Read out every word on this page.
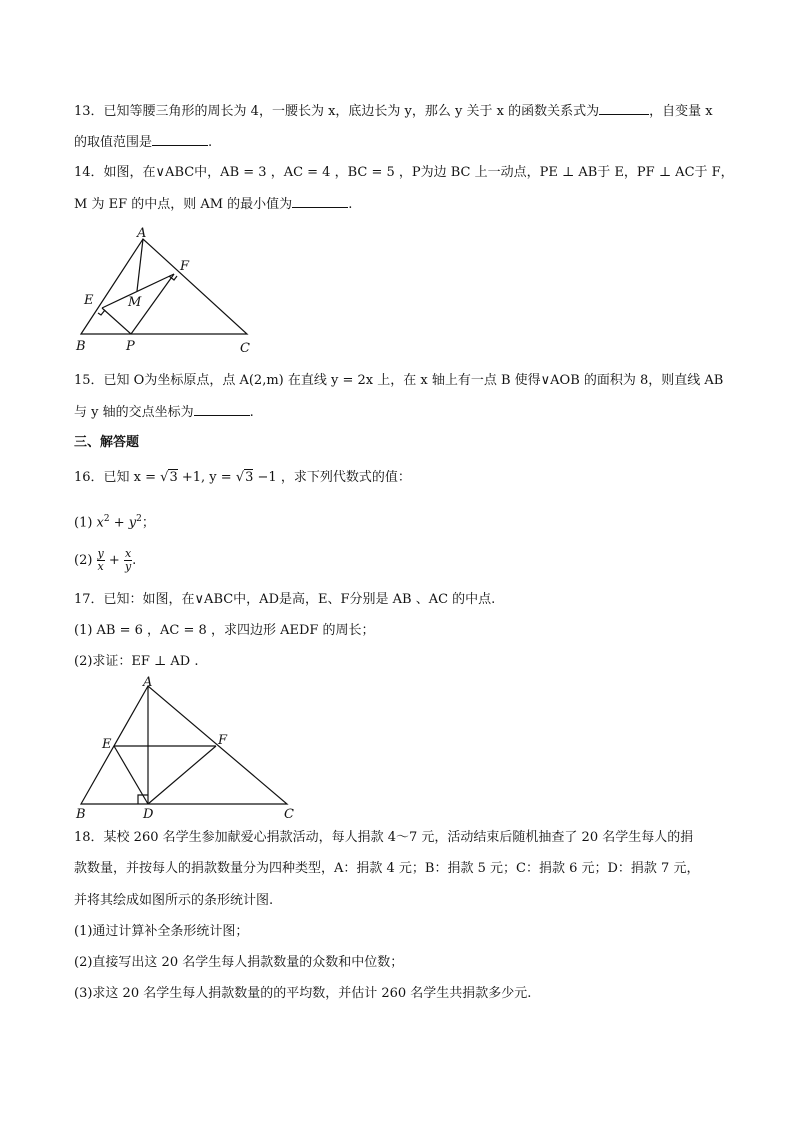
13．已知等腰三角形的周长为 4，一腰长为 x，底边长为 y，那么 y 关于 x 的函数关系式为	，自变量 x
的取值范围是	.
14．如图，在∨ABC中，AB = 3 ，AC = 4 ，BC = 5 ，P为边 BC 上一动点，PE ⊥ AB于 E，PF ⊥ AC于 F，
M 为 EF 的中点，则 AM 的最小值为	.
A
F
E	M
B	P	C
15．已知 O为坐标原点，点 A(2,m) 在直线 y = 2x 上，在 x 轴上有一点 B 使得∨AOB 的面积为 8，则直线 AB
与 y 轴的交点坐标为	.
三、解答题
16．已知 x = √3 +1, y = √3 −1 ，求下列代数式的值：
(1) $x^2 + y^2$；
$(2) \frac{y}{x} + \frac{x}{y}$ .
17．已知：如图，在∨ABC中，AD是高，E、F分别是 AB 、AC 的中点.
(1) AB = 6 ，AC = 8 ，求四边形 AEDF 的周长；
(2)求证：EF ⊥ AD .
A
E	F
B	D	C
18．某校 260 名学生参加献爱心捐款活动，每人捐款 4～7 元，活动结束后随机抽查了 20 名学生每人的捐
款数量，并按每人的捐款数量分为四种类型，A：捐款 4 元；B：捐款 5 元；C：捐款 6 元；D：捐款 7 元，
并将其绘成如图所示的条形统计图.
(1)通过计算补全条形统计图；
(2)直接写出这 20 名学生每人捐款数量的众数和中位数；
(3)求这 20 名学生每人捐款数量的的平均数，并估计 260 名学生共捐款多少元.
